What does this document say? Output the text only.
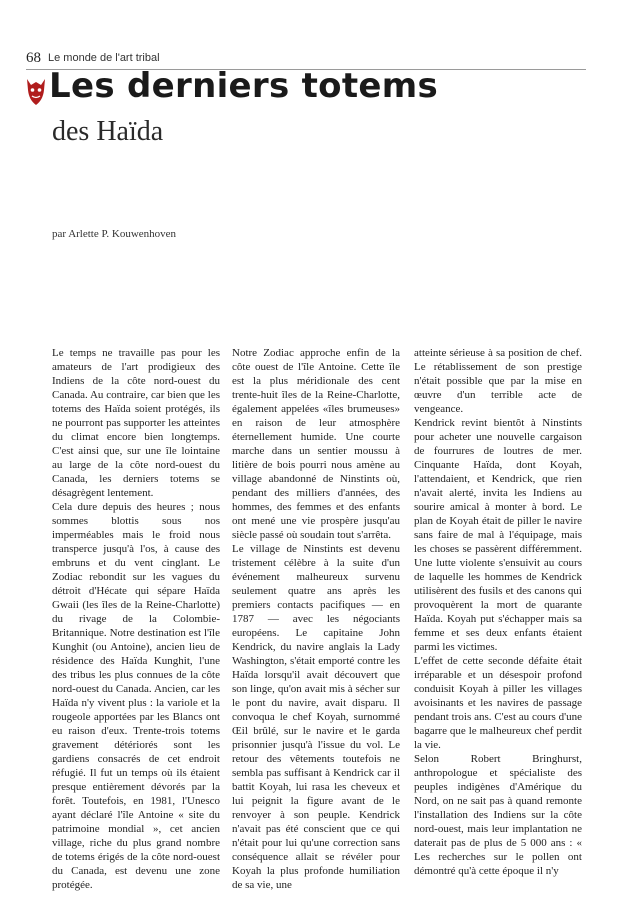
68 Le monde de l'art tribal
Les derniers totems
des Haïda
par Arlette P. Kouwenhoven

Le temps ne travaille pas pour les amateurs de l'art prodigieux des Indiens de la côte nord-ouest du Canada. Au contraire, car bien que les totems des Haïda soient protégés, ils ne pourront pas supporter les atteintes du climat encore bien longtemps. C'est ainsi que, sur une île lointaine au large de la côte nord-ouest du Canada, les derniers totems se désagrègent lentement.

Cela dure depuis des heures ; nous sommes blottis sous nos imperméables mais le froid nous transperce jusqu'à l'os, à cause des embruns et du vent cinglant. Le Zodiac rebondit sur les vagues du détroit d'Hécate qui sépare Haïda Gwaii (les îles de la Reine-Charlotte) du rivage de la Colombie-Britannique. Notre destination est l'île Kunghit (ou Antoine), ancien lieu de résidence des Haïda Kunghit, l'une des tribus les plus connues de la côte nord-ouest du Canada. Ancien, car les Haïda n'y vivent plus : la variole et la rougeole apportées par les Blancs ont eu raison d'eux. Trente-trois totems gravement détériorés sont les gardiens consacrés de cet endroit réfugié. Il fut un temps où ils étaient presque entièrement dévorés par la forêt. Toutefois, en 1981, l'Unesco ayant déclaré l'île Antoine « site du patrimoine mondial », cet ancien village, riche du plus grand nombre de totems érigés de la côte nord-ouest du Canada, est devenu une zone protégée.

Notre Zodiac approche enfin de la côte ouest de l'île Antoine. Cette île est la plus méridionale des cent trente-huit îles de la Reine-Charlotte, également appelées «îles brumeuses» en raison de leur atmosphère éternellement humide. Une courte marche dans un sentier moussu à litière de bois pourri nous amène au village abandonné de Ninstints où, pendant des milliers d'années, des hommes, des femmes et des enfants ont mené une vie prospère jusqu'au siècle passé où soudain tout s'arrêta.

Le village de Ninstints est devenu tristement célèbre à la suite d'un événement malheureux survenu seulement quatre ans après les premiers contacts pacifiques — en 1787 — avec les négociants européens. Le capitaine John Kendrick, du navire anglais la Lady Washington, s'était emporté contre les Haïda lorsqu'il avait découvert que son linge, qu'on avait mis à sécher sur le pont du navire, avait disparu. Il convoqua le chef Koyah, surnommé Œil brûlé, sur le navire et le garda prisonnier jusqu'à l'issue du vol. Le retour des vêtements toutefois ne sembla pas suffisant à Kendrick car il battit Koyah, lui rasa les cheveux et lui peignit la figure avant de le renvoyer à son peuple. Kendrick n'avait pas été conscient que ce qui n'était pour lui qu'une correction sans conséquence allait se révéler pour Koyah la plus profonde humiliation de sa vie, une

atteinte sérieuse à sa position de chef. Le rétablissement de son prestige n'était possible que par la mise en œuvre d'un terrible acte de vengeance.

Kendrick revint bientôt à Ninstints pour acheter une nouvelle cargaison de fourrures de loutres de mer. Cinquante Haïda, dont Koyah, l'attendaient, et Kendrick, que rien n'avait alerté, invita les Indiens au sourire amical à monter à bord. Le plan de Koyah était de piller le navire sans faire de mal à l'équipage, mais les choses se passèrent différemment. Une lutte violente s'ensuivit au cours de laquelle les hommes de Kendrick utilisèrent des fusils et des canons qui provoquèrent la mort de quarante Haïda. Koyah put s'échapper mais sa femme et ses deux enfants étaient parmi les victimes.

L'effet de cette seconde défaite était irréparable et un désespoir profond conduisit Koyah à piller les villages avoisinants et les navires de passage pendant trois ans. C'est au cours d'une bagarre que le malheureux chef perdit la vie.

Selon Robert Bringhurst, anthropologue et spécialiste des peuples indigènes d'Amérique du Nord, on ne sait pas à quand remonte l'installation des Indiens sur la côte nord-ouest, mais leur implantation ne daterait pas de plus de 5 000 ans : « Les recherches sur le pollen ont démontré qu'à cette époque il n'y
